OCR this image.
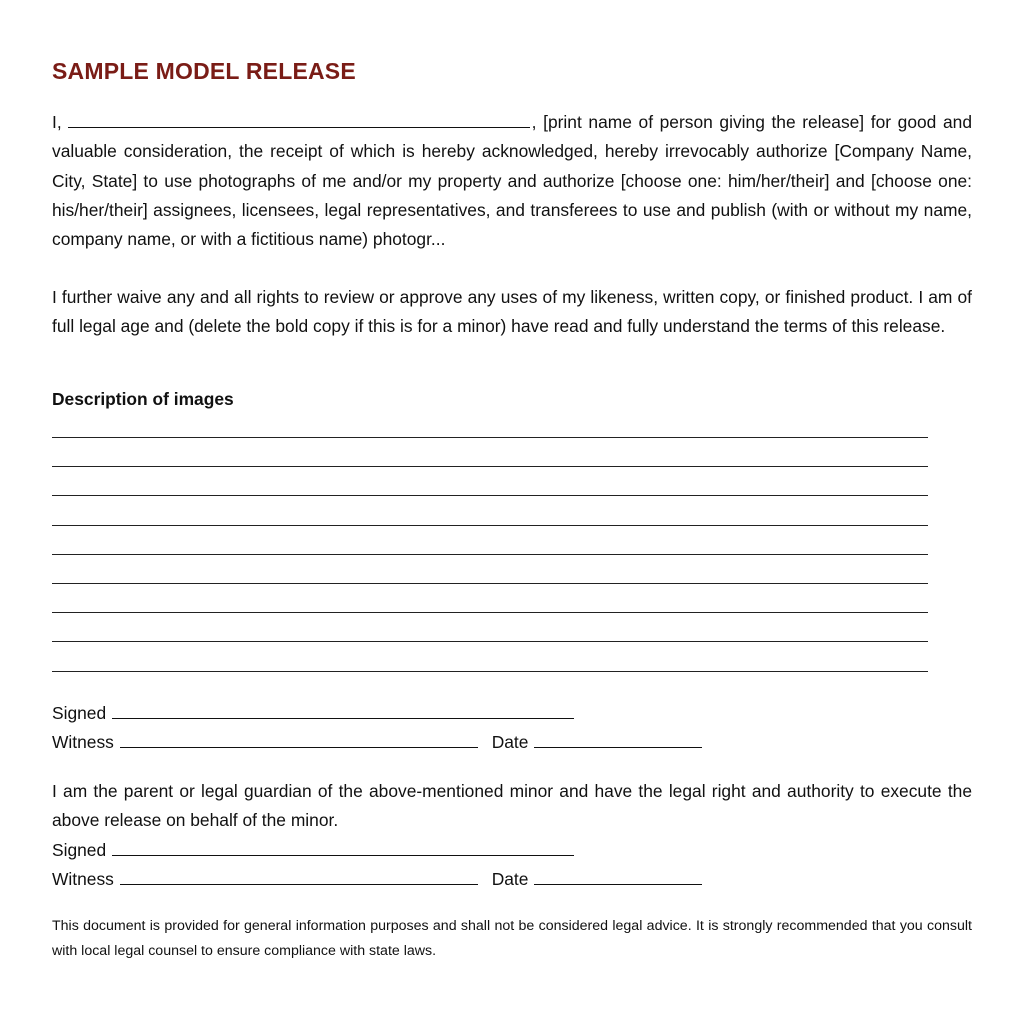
SAMPLE MODEL RELEASE

I,	, [print name of person giving the release] for good and valuable consideration, the receipt of which is hereby acknowledged, hereby irrevocably authorize [Company Name, City, State] to use photographs of me and/or my property and authorize [choose one: him/her/their] and [choose one: his/her/their] assignees, licensees, legal representatives, and transferees to use and publish (with or without my name, company name, or with a fictitious name) photogr...

I further waive any and all rights to review or approve any uses of my likeness, written copy, or finished product. I am of full legal age and (delete the bold copy if this is for a minor) have read and fully understand the terms of this release.

Description of images

Signed

Witness	Date

I am the parent or legal guardian of the above-mentioned minor and have the legal right and authority to execute the above release on behalf of the minor.

Signed

Witness	Date

This document is provided for general information purposes and shall not be considered legal advice. It is strongly recommended that you consult with local legal counsel to ensure compliance with state laws.
